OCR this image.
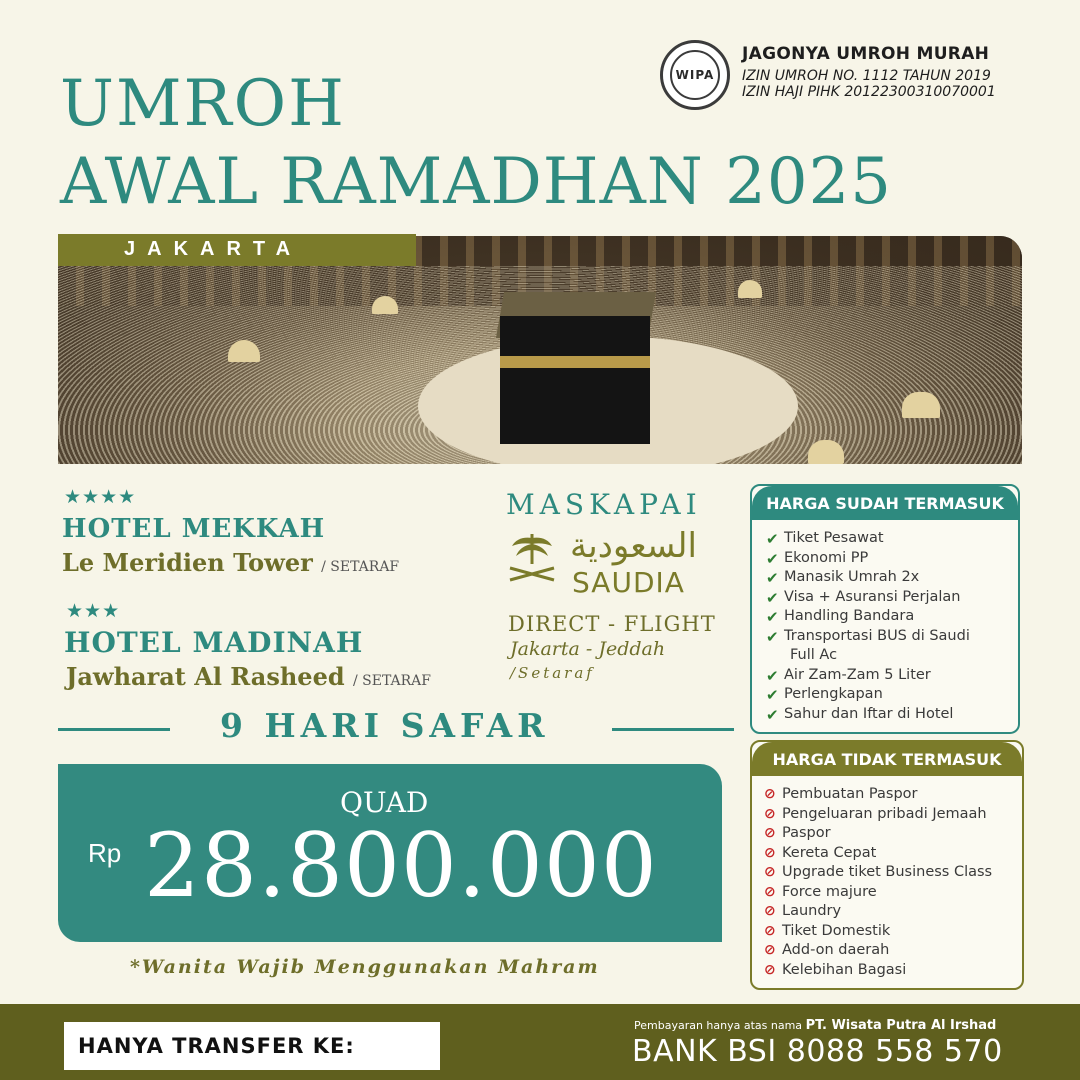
UMROH
AWAL RAMADHAN 2025
WIPA
JAGONYA UMROH MURAH
IZIN UMROH NO. 1112 TAHUN 2019
IZIN HAJI PIHK 20122300310070001
JAKARTA
★★★★
HOTEL MEKKAH
Le Meridien Tower / SETARAF
★★★
HOTEL MADINAH
Jawharat Al Rasheed / SETARAF
MASKAPAI
السعودية
SAUDIA
DIRECT - FLIGHT
Jakarta - Jeddah
/Setaraf
9 HARI SAFAR
QUAD
Rp 28.800.000
*Wanita Wajib Menggunakan Mahram
HARGA SUDAH TERMASUK
✔ Tiket Pesawat
✔ Ekonomi PP
✔ Manasik Umrah 2x
✔ Visa + Asuransi Perjalan
✔ Handling Bandara
✔ Transportasi BUS di Saudi
Full Ac
✔ Air Zam-Zam 5 Liter
✔ Perlengkapan
✔ Sahur dan Iftar di Hotel
HARGA TIDAK TERMASUK
⊘ Pembuatan Paspor
⊘ Pengeluaran pribadi Jemaah
⊘ Paspor
⊘ Kereta Cepat
⊘ Upgrade tiket Business Class
⊘ Force majure
⊘ Laundry
⊘ Tiket Domestik
⊘ Add-on daerah
⊘ Kelebihan Bagasi
HANYA TRANSFER KE:
Pembayaran hanya atas nama PT. Wisata Putra Al Irshad
BANK BSI 8088 558 570
